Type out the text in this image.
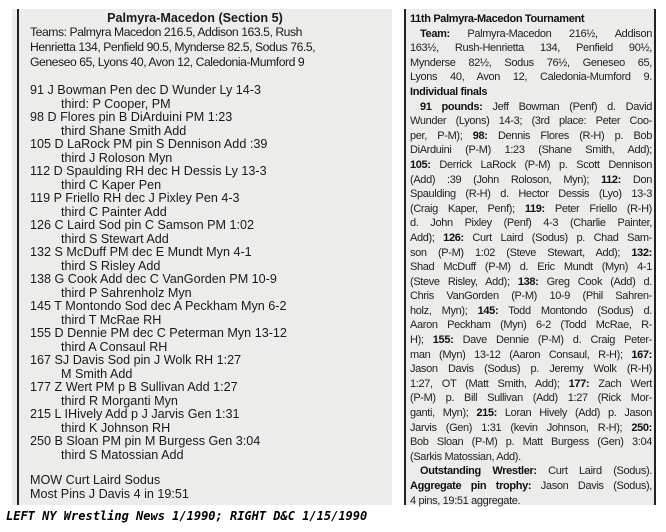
Palmyra-Macedon (Section 5)
Teams: Palmyra Macedon 216.5, Addison 163.5, Rush
Henrietta 134, Penfield 90.5, Mynderse 82.5, Sodus 76.5,
Geneseo 65, Lyons 40, Avon 12, Caledonia-Mumford 9
91 J Bowman Pen dec D Wunder Ly 14-3
third: P Cooper, PM
98 D Flores pin B DiArduini PM 1:23
third Shane Smith Add
105 D LaRock PM pin S Dennison Add :39
third J Roloson Myn
112 D Spaulding RH dec H Dessis Ly 13-3
third C Kaper Pen
119 P Friello RH dec J Pixley Pen 4-3
third C Painter Add
126 C Laird Sod pin C Samson PM 1:02
third S Stewart Add
132 S McDuff PM dec E Mundt Myn 4-1
third S Risley Add
138 G Cook Add dec C VanGorden PM 10-9
third P Sahrenholz Myn
145 T Montondo Sod dec A Peckham Myn 6-2
third T McRae RH
155 D Dennie PM dec C Peterman Myn 13-12
third A Consaul RH
167 SJ Davis Sod pin J Wolk RH 1:27
M Smith Add
177 Z Wert PM p B Sullivan Add 1:27
third R Morganti Myn
215 L IHively Add p J Jarvis Gen 1:31
third K Johnson RH
250 B Sloan PM pin M Burgess Gen 3:04
third S Matossian Add
MOW Curt Laird Sodus
Most Pins J Davis 4 in 19:51
11th Palmyra-Macedon Tournament
Team: Palmyra-Macedon 216½, Addison
163½, Rush-Henrietta 134, Penfield 90½,
Mynderse 82½, Sodus 76½, Geneseo 65,
Lyons 40, Avon 12, Caledonia-Mumford 9.
Individual finals
91 pounds: Jeff Bowman (Penf) d. David
Wunder (Lyons) 14-3; (3rd place: Peter Coo-
per, P-M); 98: Dennis Flores (R-H) p. Bob
DiArduini (P-M) 1:23 (Shane Smith, Add);
105: Derrick LaRock (P-M) p. Scott Dennison
(Add) :39 (John Roloson, Myn); 112: Don
Spaulding (R-H) d. Hector Dessis (Lyo) 13-3
(Craig Kaper, Penf); 119: Peter Friello (R-H)
d. John Pixley (Penf) 4-3 (Charlie Painter,
Add); 126: Curt Laird (Sodus) p. Chad Sam-
son (P-M) 1:02 (Steve Stewart, Add); 132:
Shad McDuff (P-M) d. Eric Mundt (Myn) 4-1
(Steve Risley, Add); 138: Greg Cook (Add) d.
Chris VanGorden (P-M) 10-9 (Phil Sahren-
holz, Myn); 145: Todd Montondo (Sodus) d.
Aaron Peckham (Myn) 6-2 (Todd McRae, R-
H); 155: Dave Dennie (P-M) d. Craig Peter-
man (Myn) 13-12 (Aaron Consaul, R-H); 167:
Jason Davis (Sodus) p. Jeremy Wolk (R-H)
1:27, OT (Matt Smith, Add); 177: Zach Wert
(P-M) p. Bill Sullivan (Add) 1:27 (Rick Mor-
ganti, Myn); 215: Loran Hively (Add) p. Jason
Jarvis (Gen) 1:31 (kevin Johnson, R-H); 250:
Bob Sloan (P-M) p. Matt Burgess (Gen) 3:04
(Sarkis Matossian, Add).
Outstanding Wrestler: Curt Laird (Sodus).
Aggregate pin trophy: Jason Davis (Sodus),
4 pins, 19:51 aggregate.
LEFT NY Wrestling News 1/1990; RIGHT D&C 1/15/1990
